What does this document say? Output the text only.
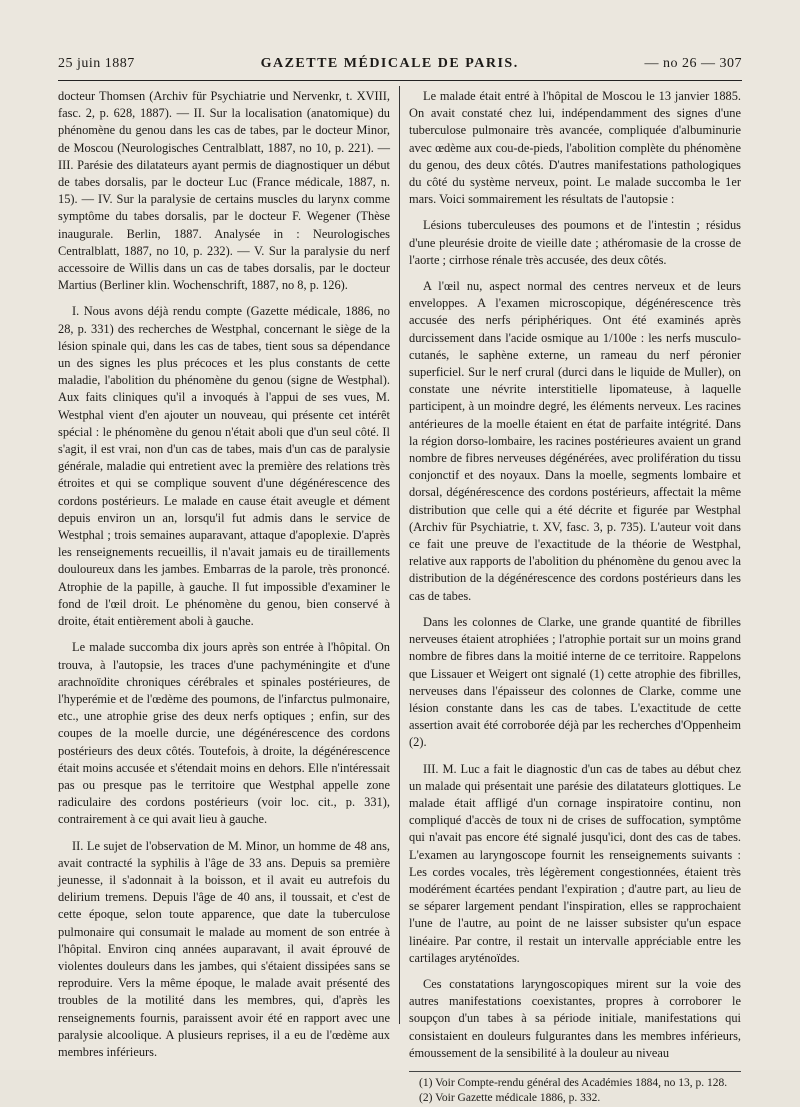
25 juin 1887	GAZETTE MÉDICALE DE PARIS.	— no 26 — 307

docteur Thomsen (Archiv für Psychiatrie und Nervenkr, t. XVIII, fasc. 2, p. 628, 1887). — II. Sur la localisation (anatomique) du phénomène du genou dans les cas de tabes, par le docteur Minor, de Moscou (Neurologisches Centralblatt, 1887, no 10, p. 221). — III. Parésie des dilatateurs ayant permis de diagnostiquer un début de tabes dorsalis, par le docteur Luc (France médicale, 1887, n. 15). — IV. Sur la paralysie de certains muscles du larynx comme symptôme du tabes dorsalis, par le docteur F. Wegener (Thèse inaugurale. Berlin, 1887. Analysée in : Neurologisches Centralblatt, 1887, no 10, p. 232). — V. Sur la paralysie du nerf accessoire de Willis dans un cas de tabes dorsalis, par le docteur Martius (Berliner klin. Wochenschrift, 1887, no 8, p. 126).

I. Nous avons déjà rendu compte (Gazette médicale, 1886, no 28, p. 331) des recherches de Westphal, concernant le siège de la lésion spinale qui, dans les cas de tabes, tient sous sa dépendance un des signes les plus précoces et les plus constants de cette maladie, l'abolition du phénomène du genou (signe de Westphal). Aux faits cliniques qu'il a invoqués à l'appui de ses vues, M. Westphal vient d'en ajouter un nouveau, qui présente cet intérêt spécial : le phénomène du genou n'était aboli que d'un seul côté. Il s'agit, il est vrai, non d'un cas de tabes, mais d'un cas de paralysie générale, maladie qui entretient avec la première des relations très étroites et qui se complique souvent d'une dégénérescence des cordons postérieurs. Le malade en cause était aveugle et dément depuis environ un an, lorsqu'il fut admis dans le service de Westphal ; trois semaines auparavant, attaque d'apoplexie. D'après les renseignements recueillis, il n'avait jamais eu de tiraillements douloureux dans les jambes. Embarras de la parole, très prononcé. Atrophie de la papille, à gauche. Il fut impossible d'examiner le fond de l'œil droit. Le phénomène du genou, bien conservé à droite, était entièrement aboli à gauche.

Le malade succomba dix jours après son entrée à l'hôpital. On trouva, à l'autopsie, les traces d'une pachyméningite et d'une arachnoïdite chroniques cérébrales et spinales postérieures, de l'hyperémie et de l'œdème des poumons, de l'infarctus pulmonaire, etc., une atrophie grise des deux nerfs optiques ; enfin, sur des coupes de la moelle durcie, une dégénérescence des cordons postérieurs des deux côtés. Toutefois, à droite, la dégénérescence était moins accusée et s'étendait moins en dehors. Elle n'intéressait pas ou presque pas le territoire que Westphal appelle zone radiculaire des cordons postérieurs (voir loc. cit., p. 331), contrairement à ce qui avait lieu à gauche.

II. Le sujet de l'observation de M. Minor, un homme de 48 ans, avait contracté la syphilis à l'âge de 33 ans. Depuis sa première jeunesse, il s'adonnait à la boisson, et il avait eu autrefois du delirium tremens. Depuis l'âge de 40 ans, il toussait, et c'est de cette époque, selon toute apparence, que date la tuberculose pulmonaire qui consumait le malade au moment de son entrée à l'hôpital. Environ cinq années auparavant, il avait éprouvé de violentes douleurs dans les jambes, qui s'étaient dissipées sans se reproduire. Vers la même époque, le malade avait présenté des troubles de la motilité dans les membres, qui, d'après les renseignements fournis, paraissent avoir été en rapport avec une paralysie alcoolique. A plusieurs reprises, il a eu de l'œdème aux membres inférieurs.

Le malade était entré à l'hôpital de Moscou le 13 janvier 1885. On avait constaté chez lui, indépendamment des signes d'une tuberculose pulmonaire très avancée, compliquée d'albuminurie avec œdème aux cou-de-pieds, l'abolition complète du phénomène du genou, des deux côtés. D'autres manifestations pathologiques du côté du système nerveux, point. Le malade succomba le 1er mars. Voici sommairement les résultats de l'autopsie :

Lésions tuberculeuses des poumons et de l'intestin ; résidus d'une pleurésie droite de vieille date ; athéromasie de la crosse de l'aorte ; cirrhose rénale très accusée, des deux côtés.

A l'œil nu, aspect normal des centres nerveux et de leurs enveloppes. A l'examen microscopique, dégénérescence très accusée des nerfs périphériques. Ont été examinés après durcissement dans l'acide osmique au 1/100e : les nerfs musculo-cutanés, le saphène externe, un rameau du nerf péronier superficiel. Sur le nerf crural (durci dans le liquide de Muller), on constate une névrite interstitielle lipomateuse, à laquelle participent, à un moindre degré, les éléments nerveux. Les racines antérieures de la moelle étaient en état de parfaite intégrité. Dans la région dorso-lombaire, les racines postérieures avaient un grand nombre de fibres nerveuses dégénérées, avec prolifération du tissu conjonctif et des noyaux. Dans la moelle, segments lombaire et dorsal, dégénérescence des cordons postérieurs, affectait la même distribution que celle qui a été décrite et figurée par Westphal (Archiv für Psychiatrie, t. XV, fasc. 3, p. 735). L'auteur voit dans ce fait une preuve de l'exactitude de la théorie de Westphal, relative aux rapports de l'abolition du phénomène du genou avec la distribution de la dégénérescence des cordons postérieurs dans les cas de tabes.

Dans les colonnes de Clarke, une grande quantité de fibrilles nerveuses étaient atrophiées ; l'atrophie portait sur un moins grand nombre de fibres dans la moitié interne de ce territoire. Rappelons que Lissauer et Weigert ont signalé (1) cette atrophie des fibrilles, nerveuses dans l'épaisseur des colonnes de Clarke, comme une lésion constante dans les cas de tabes. L'exactitude de cette assertion avait été corroborée déjà par les recherches d'Oppenheim (2).

III. M. Luc a fait le diagnostic d'un cas de tabes au début chez un malade qui présentait une parésie des dilatateurs glottiques. Le malade était affligé d'un cornage inspiratoire continu, non compliqué d'accès de toux ni de crises de suffocation, symptôme qui n'avait pas encore été signalé jusqu'ici, dont des cas de tabes. L'examen au laryngoscope fournit les renseignements suivants : Les cordes vocales, très légèrement congestionnées, étaient très modérément écartées pendant l'expiration ; d'autre part, au lieu de se séparer largement pendant l'inspiration, elles se rapprochaient l'une de l'autre, au point de ne laisser subsister qu'un espace linéaire. Par contre, il restait un intervalle appréciable entre les cartilages aryténoïdes.

Ces constatations laryngoscopiques mirent sur la voie des autres manifestations coexistantes, propres à corroborer le soupçon d'un tabes à sa période initiale, manifestations qui consistaient en douleurs fulgurantes dans les membres inférieurs, émoussement de la sensibilité à la douleur au niveau

(1) Voir Compte-rendu général des Académies 1884, no 13, p. 128.
(2) Voir Gazette médicale 1886, p. 332.
